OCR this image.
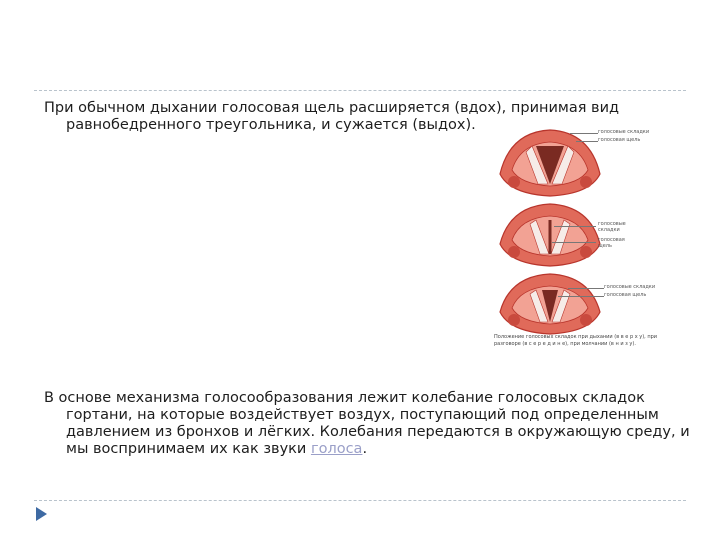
При обычном дыхании голосовая щель расширяется (вдох), принимая вид равнобедренного треугольника, и сужается (выдох).	голосовые складки
голосовая щель
голосовые
складки
голосовая
щель
голосовые складки
голосовая щель
Положение голосовых складок при дыхании (в в е р х у), при разговоре (в с е р е д и н е), при молчании (в н и з у).

В основе механизма голосообразования лежит колебание голосовых складок гортани, на которые воздействует воздух, поступающий под определенным давлением из бронхов и лёгких. Колебания передаются в окружающую среду, и мы воспринимаем их как звуки голоса.
